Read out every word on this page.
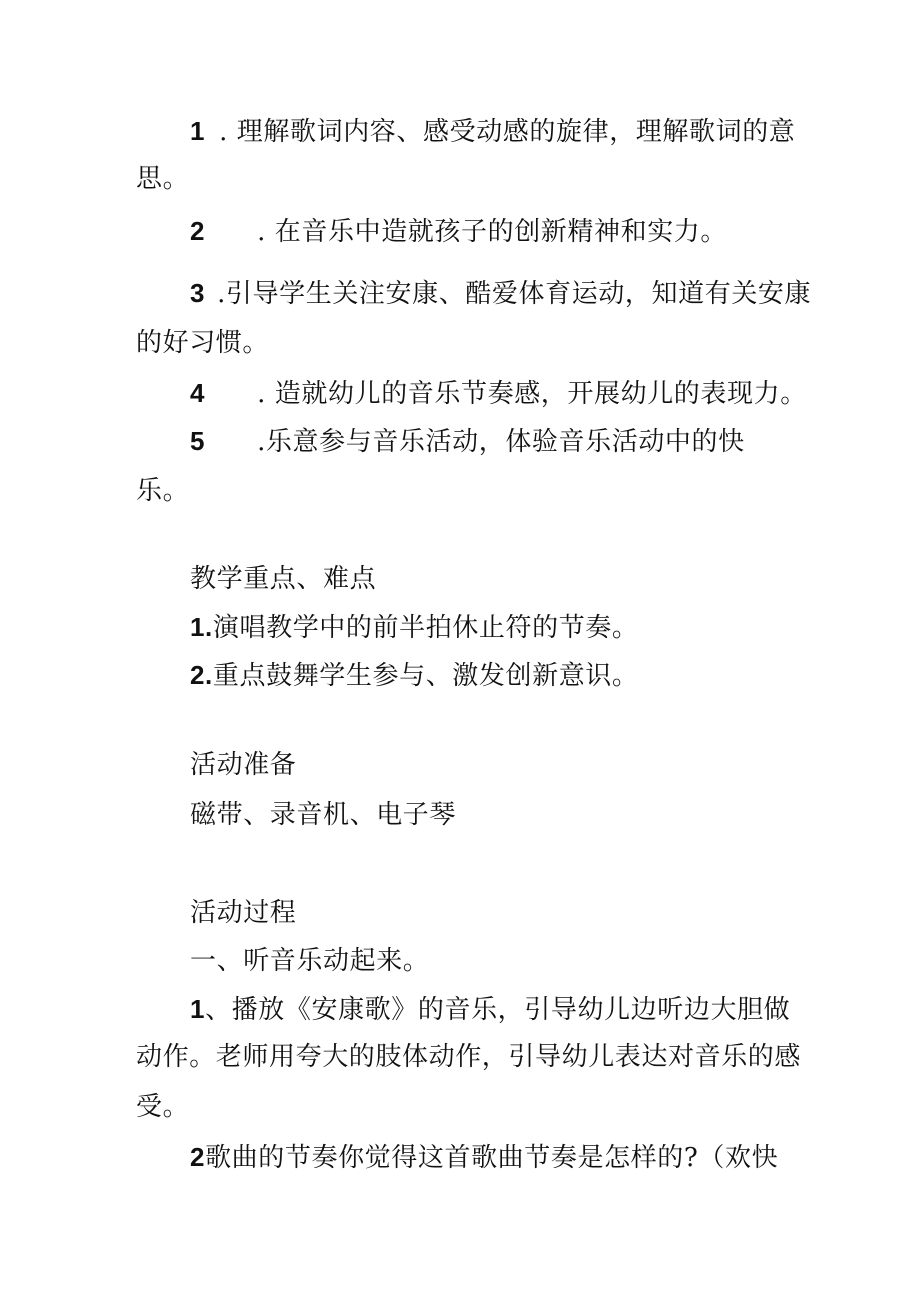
1 . 理解歌词内容、感受动感的旋律，理解歌词的意
思。
2 . 在音乐中造就孩子的创新精神和实力。
3 .引导学生关注安康、酷爱体育运动，知道有关安康
的好习惯。
4 . 造就幼儿的音乐节奏感，开展幼儿的表现力。
5 .乐意参与音乐活动，体验音乐活动中的快
乐。
教学重点、难点
1.演唱教学中的前半拍休止符的节奏。
2.重点鼓舞学生参与、激发创新意识。
活动准备
磁带、录音机、电子琴
活动过程
一、听音乐动起来。
1、播放《安康歌》的音乐，引导幼儿边听边大胆做
动作。老师用夸大的肢体动作，引导幼儿表达对音乐的感
受。
2歌曲的节奏你觉得这首歌曲节奏是怎样的?（欢快
